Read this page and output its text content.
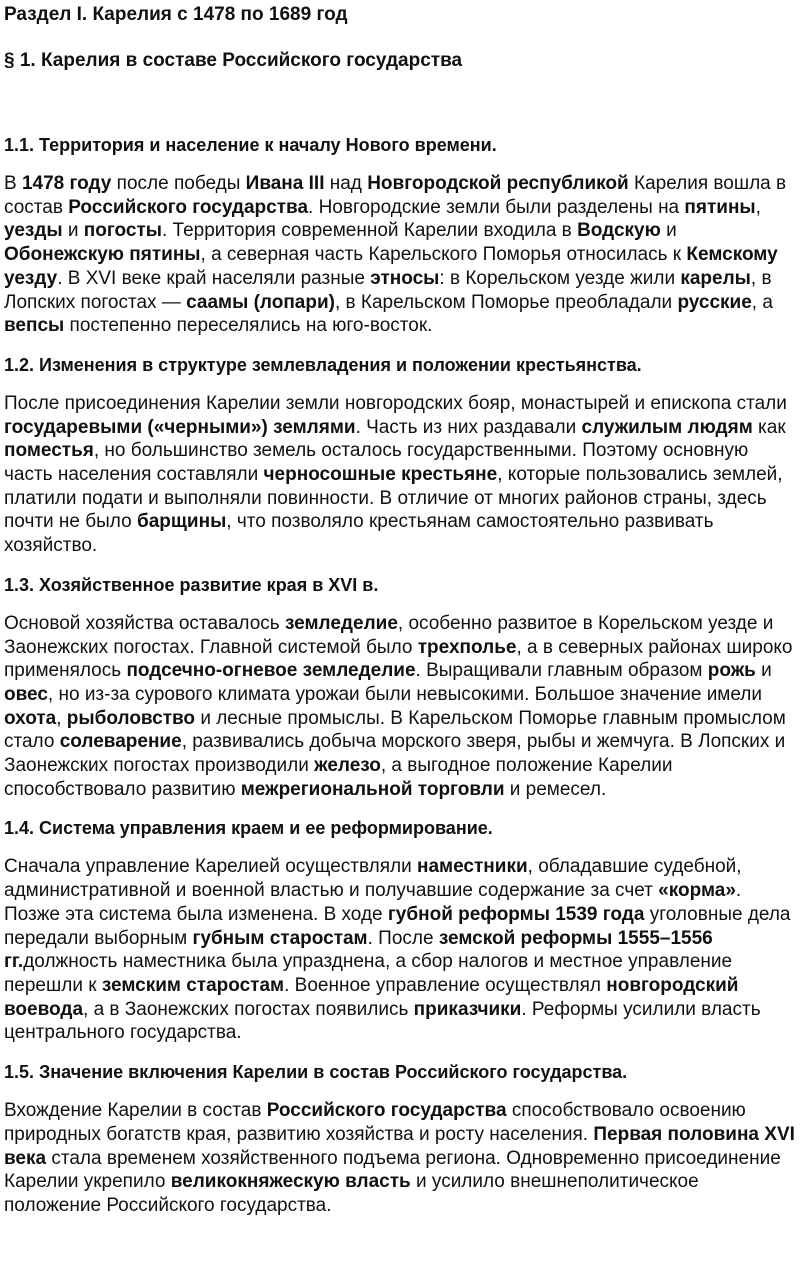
Раздел I. Карелия с 1478 по 1689 год
§ 1. Карелия в составе Российского государства
1.1. Территория и население к началу Нового времени.

В 1478 году после победы Ивана III над Новгородской республикой Карелия вошла в состав Российского государства. Новгородские земли были разделены на пятины, уезды и погосты. Территория современной Карелии входила в Водскую и Обонежскую пятины, а северная часть Карельского Поморья относилась к Кемскому уезду. В XVI веке край населяли разные этносы: в Корельском уезде жили карелы, в Лопских погостах — саамы (лопари), в Карельском Поморье преобладали русские, а вепсы постепенно переселялись на юго-восток.

1.2. Изменения в структуре землевладения и положении крестьянства.

После присоединения Карелии земли новгородских бояр, монастырей и епископа стали государевыми («черными») землями. Часть из них раздавали служилым людям как поместья, но большинство земель осталось государственными. Поэтому основную часть населения составляли черносошные крестьяне, которые пользовались землей, платили подати и выполняли повинности. В отличие от многих районов страны, здесь почти не было барщины, что позволяло крестьянам самостоятельно развивать хозяйство.

1.3. Хозяйственное развитие края в XVI в.

Основой хозяйства оставалось земледелие, особенно развитое в Корельском уезде и Заонежских погостах. Главной системой было трехполье, а в северных районах широко применялось подсечно-огневое земледелие. Выращивали главным образом рожь и овес, но из-за сурового климата урожаи были невысокими. Большое значение имели охота, рыболовство и лесные промыслы. В Карельском Поморье главным промыслом стало солеварение, развивались добыча морского зверя, рыбы и жемчуга. В Лопских и Заонежских погостах производили железо, а выгодное положение Карелии способствовало развитию межрегиональной торговли и ремесел.

1.4. Система управления краем и ее реформирование.

Сначала управление Карелией осуществляли наместники, обладавшие судебной, административной и военной властью и получавшие содержание за счет «корма». Позже эта система была изменена. В ходе губной реформы 1539 года уголовные дела передали выборным губным старостам. После земской реформы 1555–1556 гг.должность наместника была упразднена, а сбор налогов и местное управление перешли к земским старостам. Военное управление осуществлял новгородский воевода, а в Заонежских погостах появились приказчики. Реформы усилили власть центрального государства.

1.5. Значение включения Карелии в состав Российского государства.

Вхождение Карелии в состав Российского государства способствовало освоению природных богатств края, развитию хозяйства и росту населения. Первая половина XVI века стала временем хозяйственного подъема региона. Одновременно присоединение Карелии укрепило великокняжескую власть и усилило внешнеполитическое положение Российского государства.
